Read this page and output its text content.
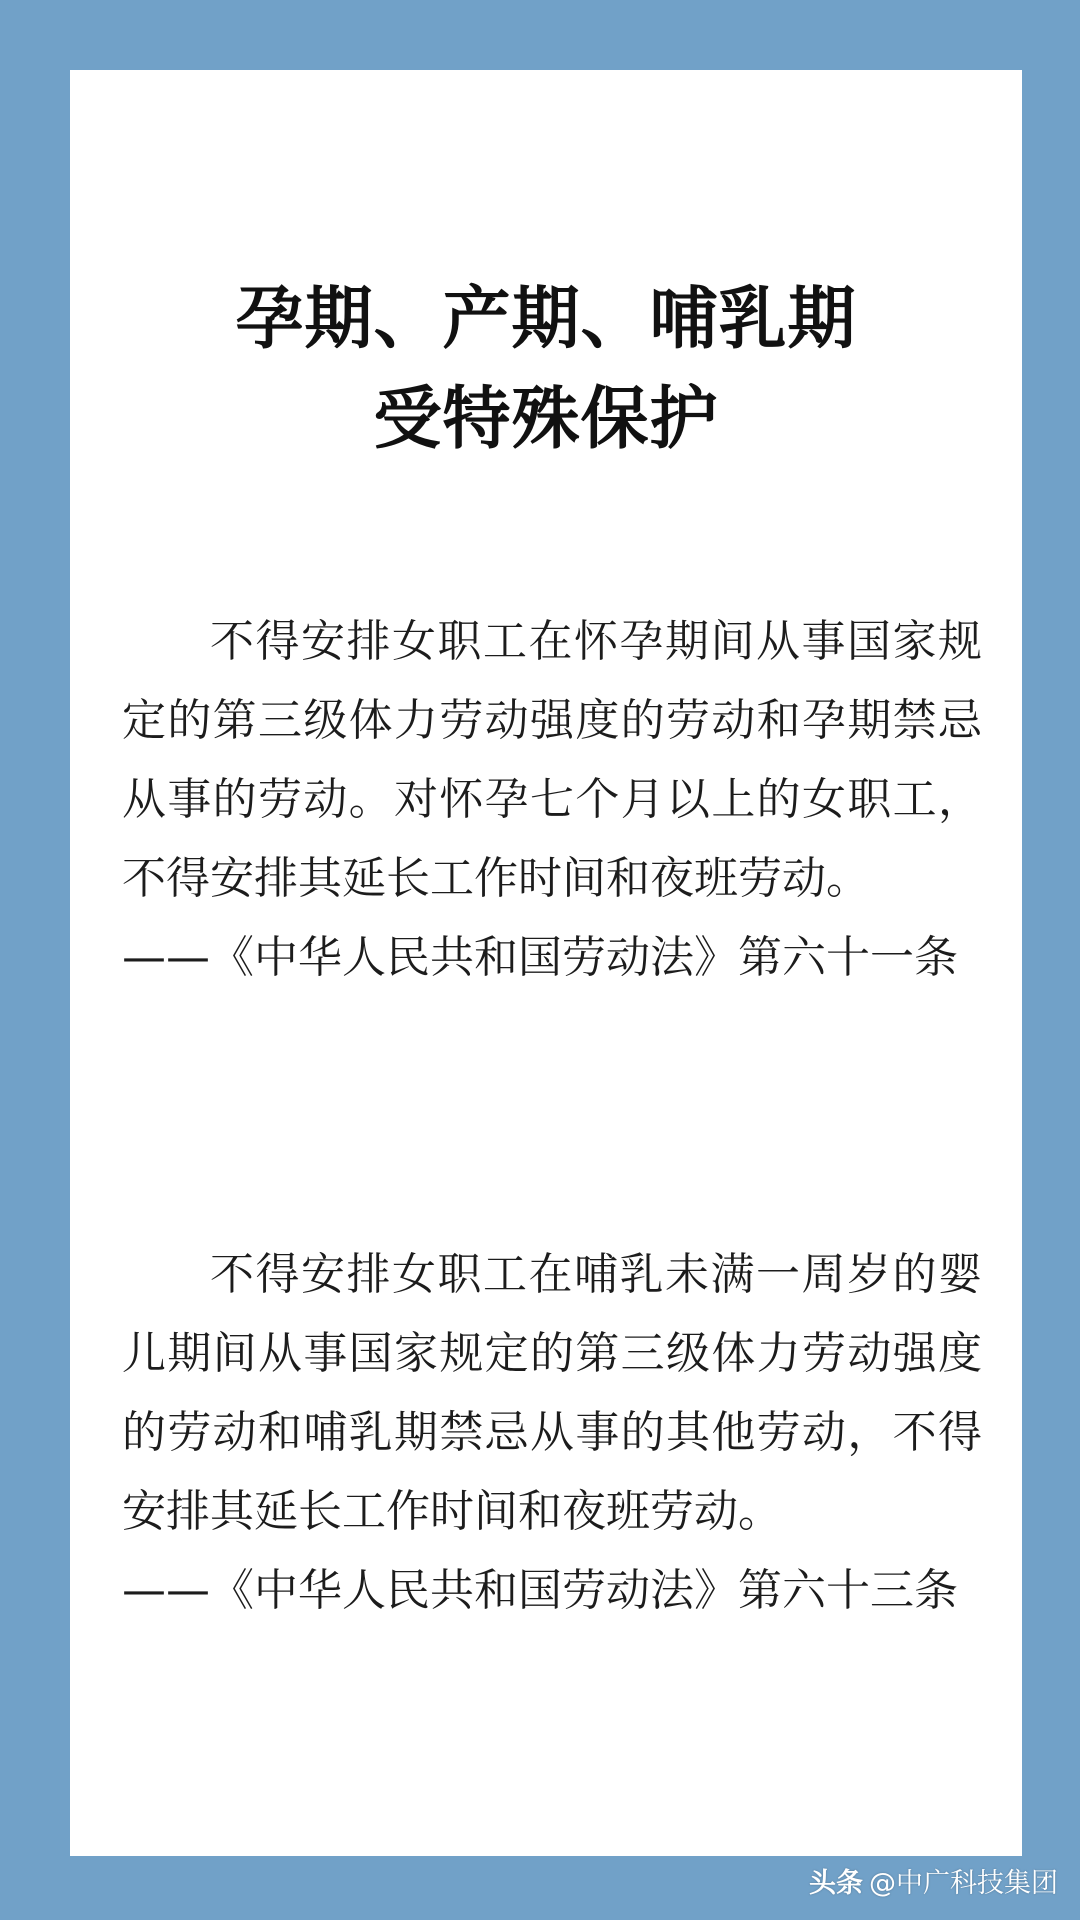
孕期、产期、哺乳期
受特殊保护
不得安排女职工在怀孕期间从事国家规定的第三级体力劳动强度的劳动和孕期禁忌从事的劳动。对怀孕七个月以上的女职工，不得安排其延长工作时间和夜班劳动。
——《中华人民共和国劳动法》第六十一条
不得安排女职工在哺乳未满一周岁的婴儿期间从事国家规定的第三级体力劳动强度的劳动和哺乳期禁忌从事的其他劳动，不得安排其延长工作时间和夜班劳动。
——《中华人民共和国劳动法》第六十三条
头条 @中广科技集团
